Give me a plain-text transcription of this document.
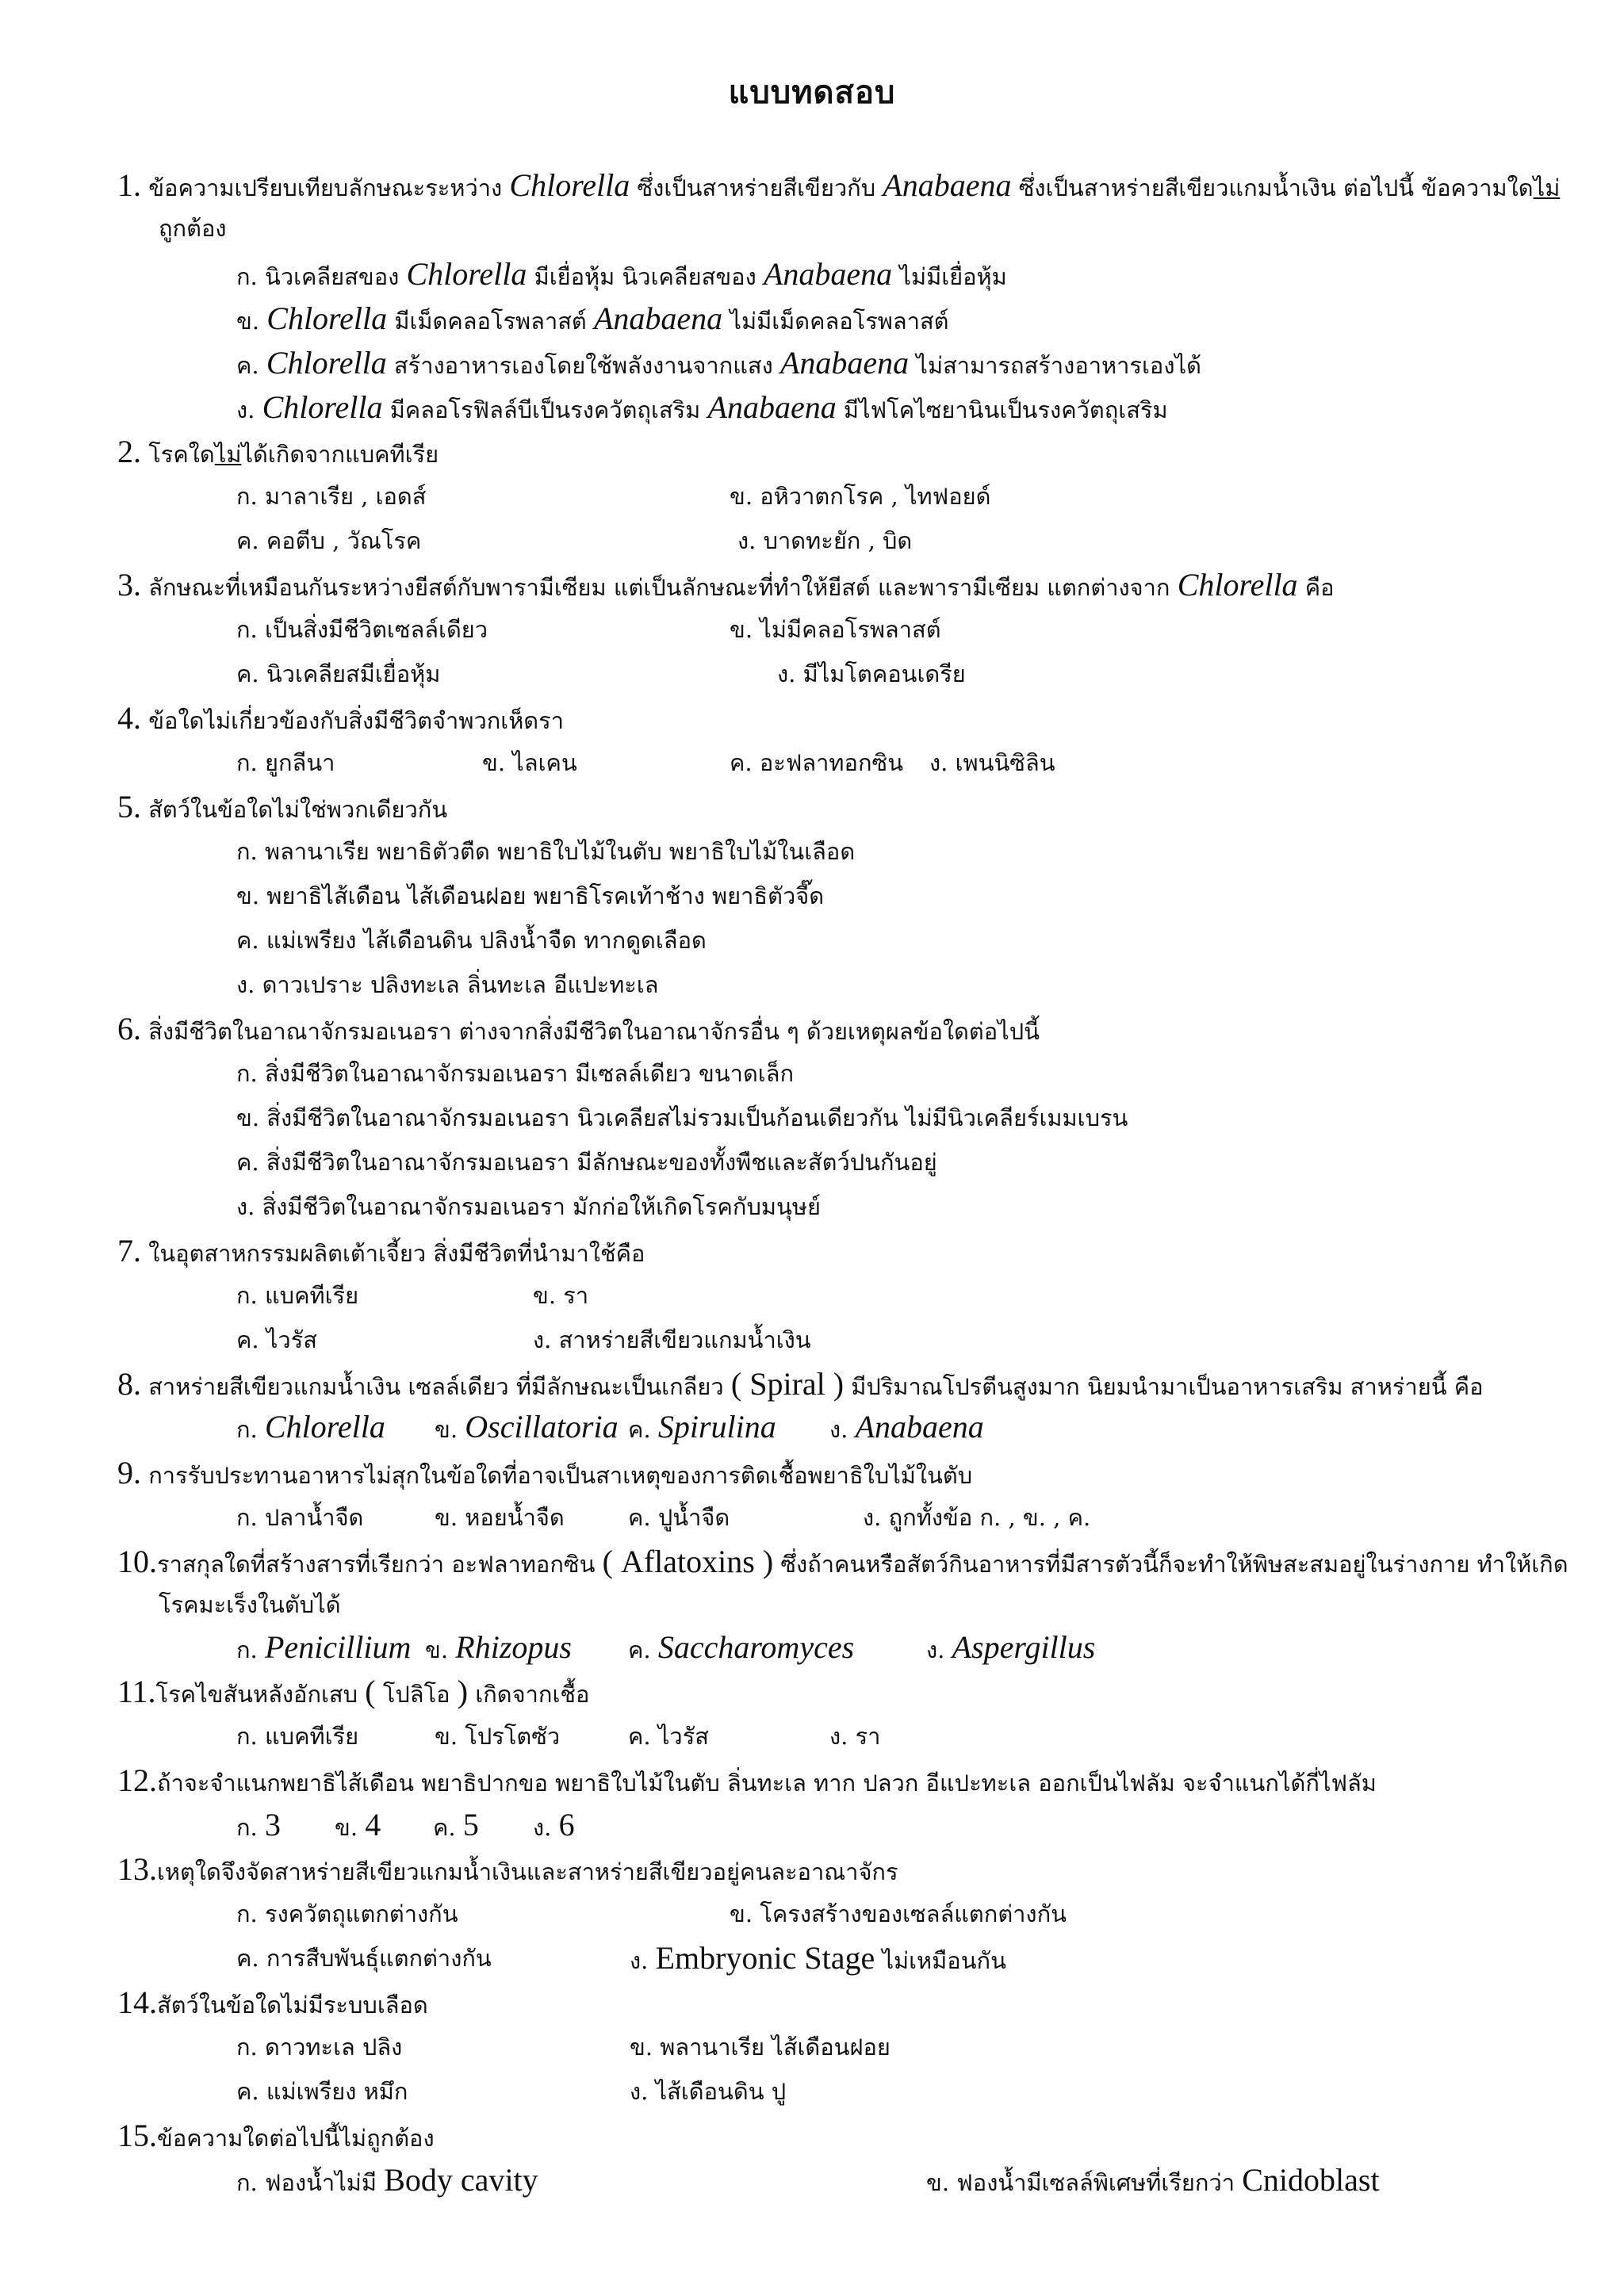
แบบทดสอบ
1. ข้อความเปรียบเทียบลักษณะระหว่าง Chlorella ซึ่งเป็นสาหร่ายสีเขียวกับ Anabaena ซึ่งเป็นสาหร่ายสีเขียวแกมน้ำเงิน ต่อไปนี้ ข้อความใดไม่
ถูกต้อง
ก. นิวเคลียสของ Chlorella มีเยื่อหุ้ม นิวเคลียสของ Anabaena ไม่มีเยื่อหุ้ม
ข. Chlorella มีเม็ดคลอโรพลาสต์ Anabaena ไม่มีเม็ดคลอโรพลาสต์
ค. Chlorella สร้างอาหารเองโดยใช้พลังงานจากแสง Anabaena ไม่สามารถสร้างอาหารเองได้
ง. Chlorella มีคลอโรฟิลล์บีเป็นรงควัตถุเสริม Anabaena มีไฟโคไซยานินเป็นรงควัตถุเสริม
2. โรคใดไม่ได้เกิดจากแบคทีเรีย
ก. มาลาเรีย , เอดส์	ข. อหิวาตกโรค , ไทฟอยด์
ค. คอตีบ , วัณโรค	ง. บาดทะยัก , บิด
3. ลักษณะที่เหมือนกันระหว่างยีสต์กับพารามีเซียม แต่เป็นลักษณะที่ทำให้ยีสต์ และพารามีเซียม แตกต่างจาก Chlorella คือ
ก. เป็นสิ่งมีชีวิตเซลล์เดียว	ข. ไม่มีคลอโรพลาสต์
ค. นิวเคลียสมีเยื่อหุ้ม	ง. มีไมโตคอนเดรีย
4. ข้อใดไม่เกี่ยวข้องกับสิ่งมีชีวิตจำพวกเห็ดรา
ก. ยูกลีนา	ข. ไลเคน	ค. อะฟลาทอกซิน ง. เพนนิซิลิน
5. สัตว์ในข้อใดไม่ใช่พวกเดียวกัน
ก. พลานาเรีย พยาธิตัวตืด พยาธิใบไม้ในตับ พยาธิใบไม้ในเลือด
ข. พยาธิไส้เดือน ไส้เดือนฝอย พยาธิโรคเท้าช้าง พยาธิตัวจี๊ด
ค. แม่เพรียง ไส้เดือนดิน ปลิงน้ำจืด ทากดูดเลือด
ง. ดาวเปราะ ปลิงทะเล ลิ่นทะเล อีแปะทะเล
6. สิ่งมีชีวิตในอาณาจักรมอเนอรา ต่างจากสิ่งมีชีวิตในอาณาจักรอื่น ๆ ด้วยเหตุผลข้อใดต่อไปนี้
ก. สิ่งมีชีวิตในอาณาจักรมอเนอรา มีเซลล์เดียว ขนาดเล็ก
ข. สิ่งมีชีวิตในอาณาจักรมอเนอรา นิวเคลียสไม่รวมเป็นก้อนเดียวกัน ไม่มีนิวเคลียร์เมมเบรน
ค. สิ่งมีชีวิตในอาณาจักรมอเนอรา มีลักษณะของทั้งพืชและสัตว์ปนกันอยู่
ง. สิ่งมีชีวิตในอาณาจักรมอเนอรา มักก่อให้เกิดโรคกับมนุษย์
7. ในอุตสาหกรรมผลิตเต้าเจี้ยว สิ่งมีชีวิตที่นำมาใช้คือ
ก. แบคทีเรีย	ข. รา
ค. ไวรัส	ง. สาหร่ายสีเขียวแกมน้ำเงิน
8. สาหร่ายสีเขียวแกมน้ำเงิน เซลล์เดียว ที่มีลักษณะเป็นเกลียว ( Spiral ) มีปริมาณโปรตีนสูงมาก นิยมนำมาเป็นอาหารเสริม สาหร่ายนี้ คือ
ก. Chlorella ข. Oscillatoria ค. Spirulina ง. Anabaena
9. การรับประทานอาหารไม่สุกในข้อใดที่อาจเป็นสาเหตุของการติดเชื้อพยาธิใบไม้ในตับ
ก. ปลาน้ำจืด	ข. หอยน้ำจืด	ค. ปูน้ำจืด	ง. ถูกทั้งข้อ ก. , ข. , ค.
10.ราสกุลใดที่สร้างสารที่เรียกว่า อะฟลาทอกซิน ( Aflatoxins ) ซึ่งถ้าคนหรือสัตว์กินอาหารที่มีสารตัวนี้ก็จะทำให้พิษสะสมอยู่ในร่างกาย ทำให้เกิด
โรคมะเร็งในตับได้
ก. Penicillium ข. Rhizopus ค. Saccharomyces	ง. Aspergillus
11.โรคไขสันหลังอักเสบ ( โปลิโอ ) เกิดจากเชื้อ
ก. แบคทีเรีย	ข. โปรโตซัว	ค. ไวรัส	ง. รา
12.ถ้าจะจำแนกพยาธิไส้เดือน พยาธิปากขอ พยาธิใบไม้ในตับ ลิ่นทะเล ทาก ปลวก อีแปะทะเล ออกเป็นไฟลัม จะจำแนกได้กี่ไฟลัม
ก. 3 ข. 4 ค. 5 ง. 6
13.เหตุใดจึงจัดสาหร่ายสีเขียวแกมน้ำเงินและสาหร่ายสีเขียวอยู่คนละอาณาจักร
ก. รงควัตถุแตกต่างกัน	ข. โครงสร้างของเซลล์แตกต่างกัน
ค. การสืบพันธุ์แตกต่างกัน	ง. Embryonic Stage ไม่เหมือนกัน
14.สัตว์ในข้อใดไม่มีระบบเลือด
ก. ดาวทะเล ปลิง	ข. พลานาเรีย ไส้เดือนฝอย
ค. แม่เพรียง หมึก	ง. ไส้เดือนดิน ปู
15.ข้อความใดต่อไปนี้ไม่ถูกต้อง
ก. ฟองน้ำไม่มี Body cavity	ข. ฟองน้ำมีเซลล์พิเศษที่เรียกว่า Cnidoblast
